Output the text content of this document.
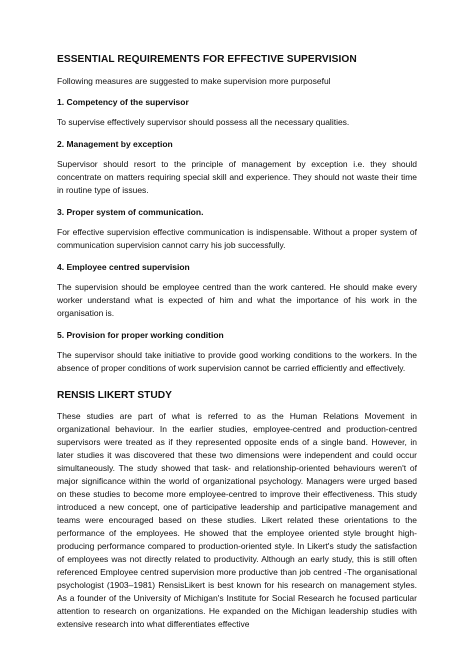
ESSENTIAL REQUIREMENTS FOR EFFECTIVE SUPERVISION
Following measures are suggested to make supervision more purposeful
1. Competency of the supervisor
To supervise effectively supervisor should possess all the necessary qualities.
2. Management by exception
Supervisor should resort to the principle of management by exception i.e. they should concentrate on matters requiring special skill and experience. They should not waste their time in routine type of issues.
3. Proper system of communication.
For effective supervision effective communication is indispensable. Without a proper system of communication supervision cannot carry his job successfully.
4. Employee centred supervision
The supervision should be employee centred than the work cantered. He should make every worker understand what is expected of him and what the importance of his work in the organisation is.
5. Provision for proper working condition
The supervisor should take initiative to provide good working conditions to the workers. In the absence of proper conditions of work supervision cannot be carried efficiently and effectively.
RENSIS LIKERT STUDY
These studies are part of what is referred to as the Human Relations Movement in organizational behaviour. In the earlier studies, employee-centred and production-centred supervisors were treated as if they represented opposite ends of a single band. However, in later studies it was discovered that these two dimensions were independent and could occur simultaneously. The study showed that task- and relationship-oriented behaviours weren't of major significance within the world of organizational psychology. Managers were urged based on these studies to become more employee-centred to improve their effectiveness. This study introduced a new concept, one of participative leadership and participative management and teams were encouraged based on these studies. Likert related these orientations to the performance of the employees. He showed that the employee oriented style brought high-producing performance compared to production-oriented style. In Likert's study the satisfaction of employees was not directly related to productivity. Although an early study, this is still often referenced Employee centred supervision more productive than job centred -The organisational psychologist (1903–1981) RensisLikert is best known for his research on management styles. As a founder of the University of Michigan's Institute for Social Research he focused particular attention to research on organizations. He expanded on the Michigan leadership studies with extensive research into what differentiates effective
